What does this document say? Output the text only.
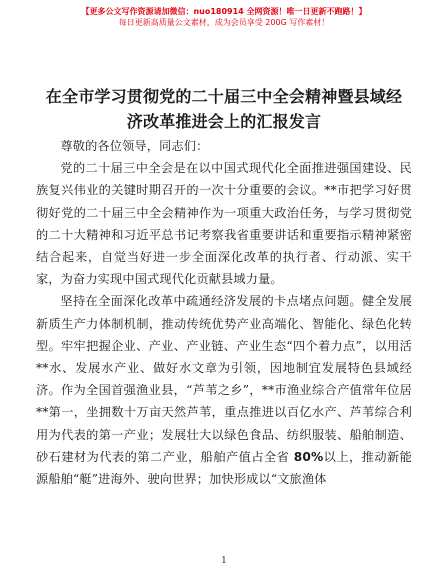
【更多公文写作资源请加微信：nuo180914 全网资源！唯一日更新不跑路！】
每日更新高质量公文素材，成为会员享受 200G 写作素材！
在全市学习贯彻党的二十届三中全会精神暨县域经济改革推进会上的汇报发言

尊敬的各位领导，同志们：

党的二十届三中全会是在以中国式现代化全面推进强国建设、民族复兴伟业的关键时期召开的一次十分重要的会议。**市把学习好贯彻好党的二十届三中全会精神作为一项重大政治任务，与学习贯彻党的二十大精神和习近平总书记考察我省重要讲话和重要指示精神紧密结合起来，自觉当好进一步全面深化改革的执行者、行动派、实干家，为奋力实现中国式现代化贡献县域力量。

坚持在全面深化改革中疏通经济发展的卡点堵点问题。健全发展新质生产力体制机制，推动传统优势产业高端化、智能化、绿色化转型。牢牢把握企业、产业、产业链、产业生态“四个着力点”，以用活**水、发展水产业、做好水文章为引领，因地制宜发展特色县域经济。作为全国首强渔业县，“芦苇之乡”，**市渔业综合产值常年位居**第一，坐拥数十万亩天然芦苇，重点推进以百亿水产、芦苇综合利用为代表的第一产业；发展壮大以绿色食品、纺织服装、船舶制造、砂石建材为代表的第二产业，船舶产值占全省 80%以上，推动新能源船舶“艇”进海外、驶向世界；加快形成以“文旅渔体

1
